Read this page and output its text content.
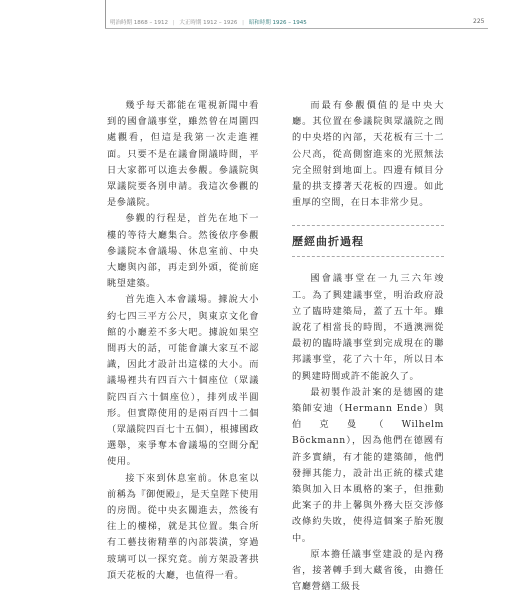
明治時期 1868 – 1912 | 大正時期 1912 – 1926 | 昭和時期 1926 – 1945	225

幾乎每天都能在電視新聞中看到的國會議事堂，雖然曾在周圍四處觀看，但這是我第一次走進裡面。只要不是在議會開議時間，平日大家都可以進去參觀。參議院與眾議院要各別申請。我這次參觀的是參議院。

參觀的行程是，首先在地下一樓的等待大廳集合。然後依序參觀參議院本會議場、休息室前、中央大廳與內部，再走到外頭，從前庭眺望建築。

首先進入本會議場。據說大小約七四三平方公尺，與東京文化會館的小廳差不多大吧。據說如果空間再大的話，可能會讓大家互不認識，因此才設計出這樣的大小。而議場裡共有四百六十個座位（眾議院四百六十個座位），排列成半圓形。但實際使用的是兩百四十二個（眾議院四百七十五個），根據國政選舉，來爭奪本會議場的空間分配使用。

接下來到休息室前。休息室以前稱為『御便殿』，是天皇陛下使用的房間。從中央玄關進去，然後有往上的樓梯，就是其位置。集合所有工藝技術精華的內部裝潢，穿過玻璃可以一探究竟。前方架設著拱頂天花板的大廳，也值得一看。

而最有參觀價值的是中央大廳。其位置在參議院與眾議院之間的中央塔的內部，天花板有三十二公尺高，從高側窗進來的光照無法完全照射到地面上。四邊有傾目分量的拱支撐著天花板的四邊。如此重厚的空間，在日本非常少見。

歷經曲折過程

國會議事堂在一九三六年竣工。為了興建議事堂，明治政府設立了臨時建築局，蓋了五十年。雖說花了相當長的時間，不過澳洲從最初的臨時議事堂到完成現在的聯邦議事堂，花了六十年，所以日本的興建時間或許不能說久了。

最初製作設計案的是德國的建築師安迪（Hermann Ende）與伯克曼（Wilhelm Böckmann），因為他們在德國有許多實績，有才能的建築師，他們發揮其能力，設計出正統的樣式建築與加入日本風格的案子，但推動此案子的井上馨與外務大臣交涉修改條約失敗，使得這個案子胎死腹中。

原本擔任議事堂建設的是內務省，接著轉手到大藏省後，由擔任官廳營繕工級長
